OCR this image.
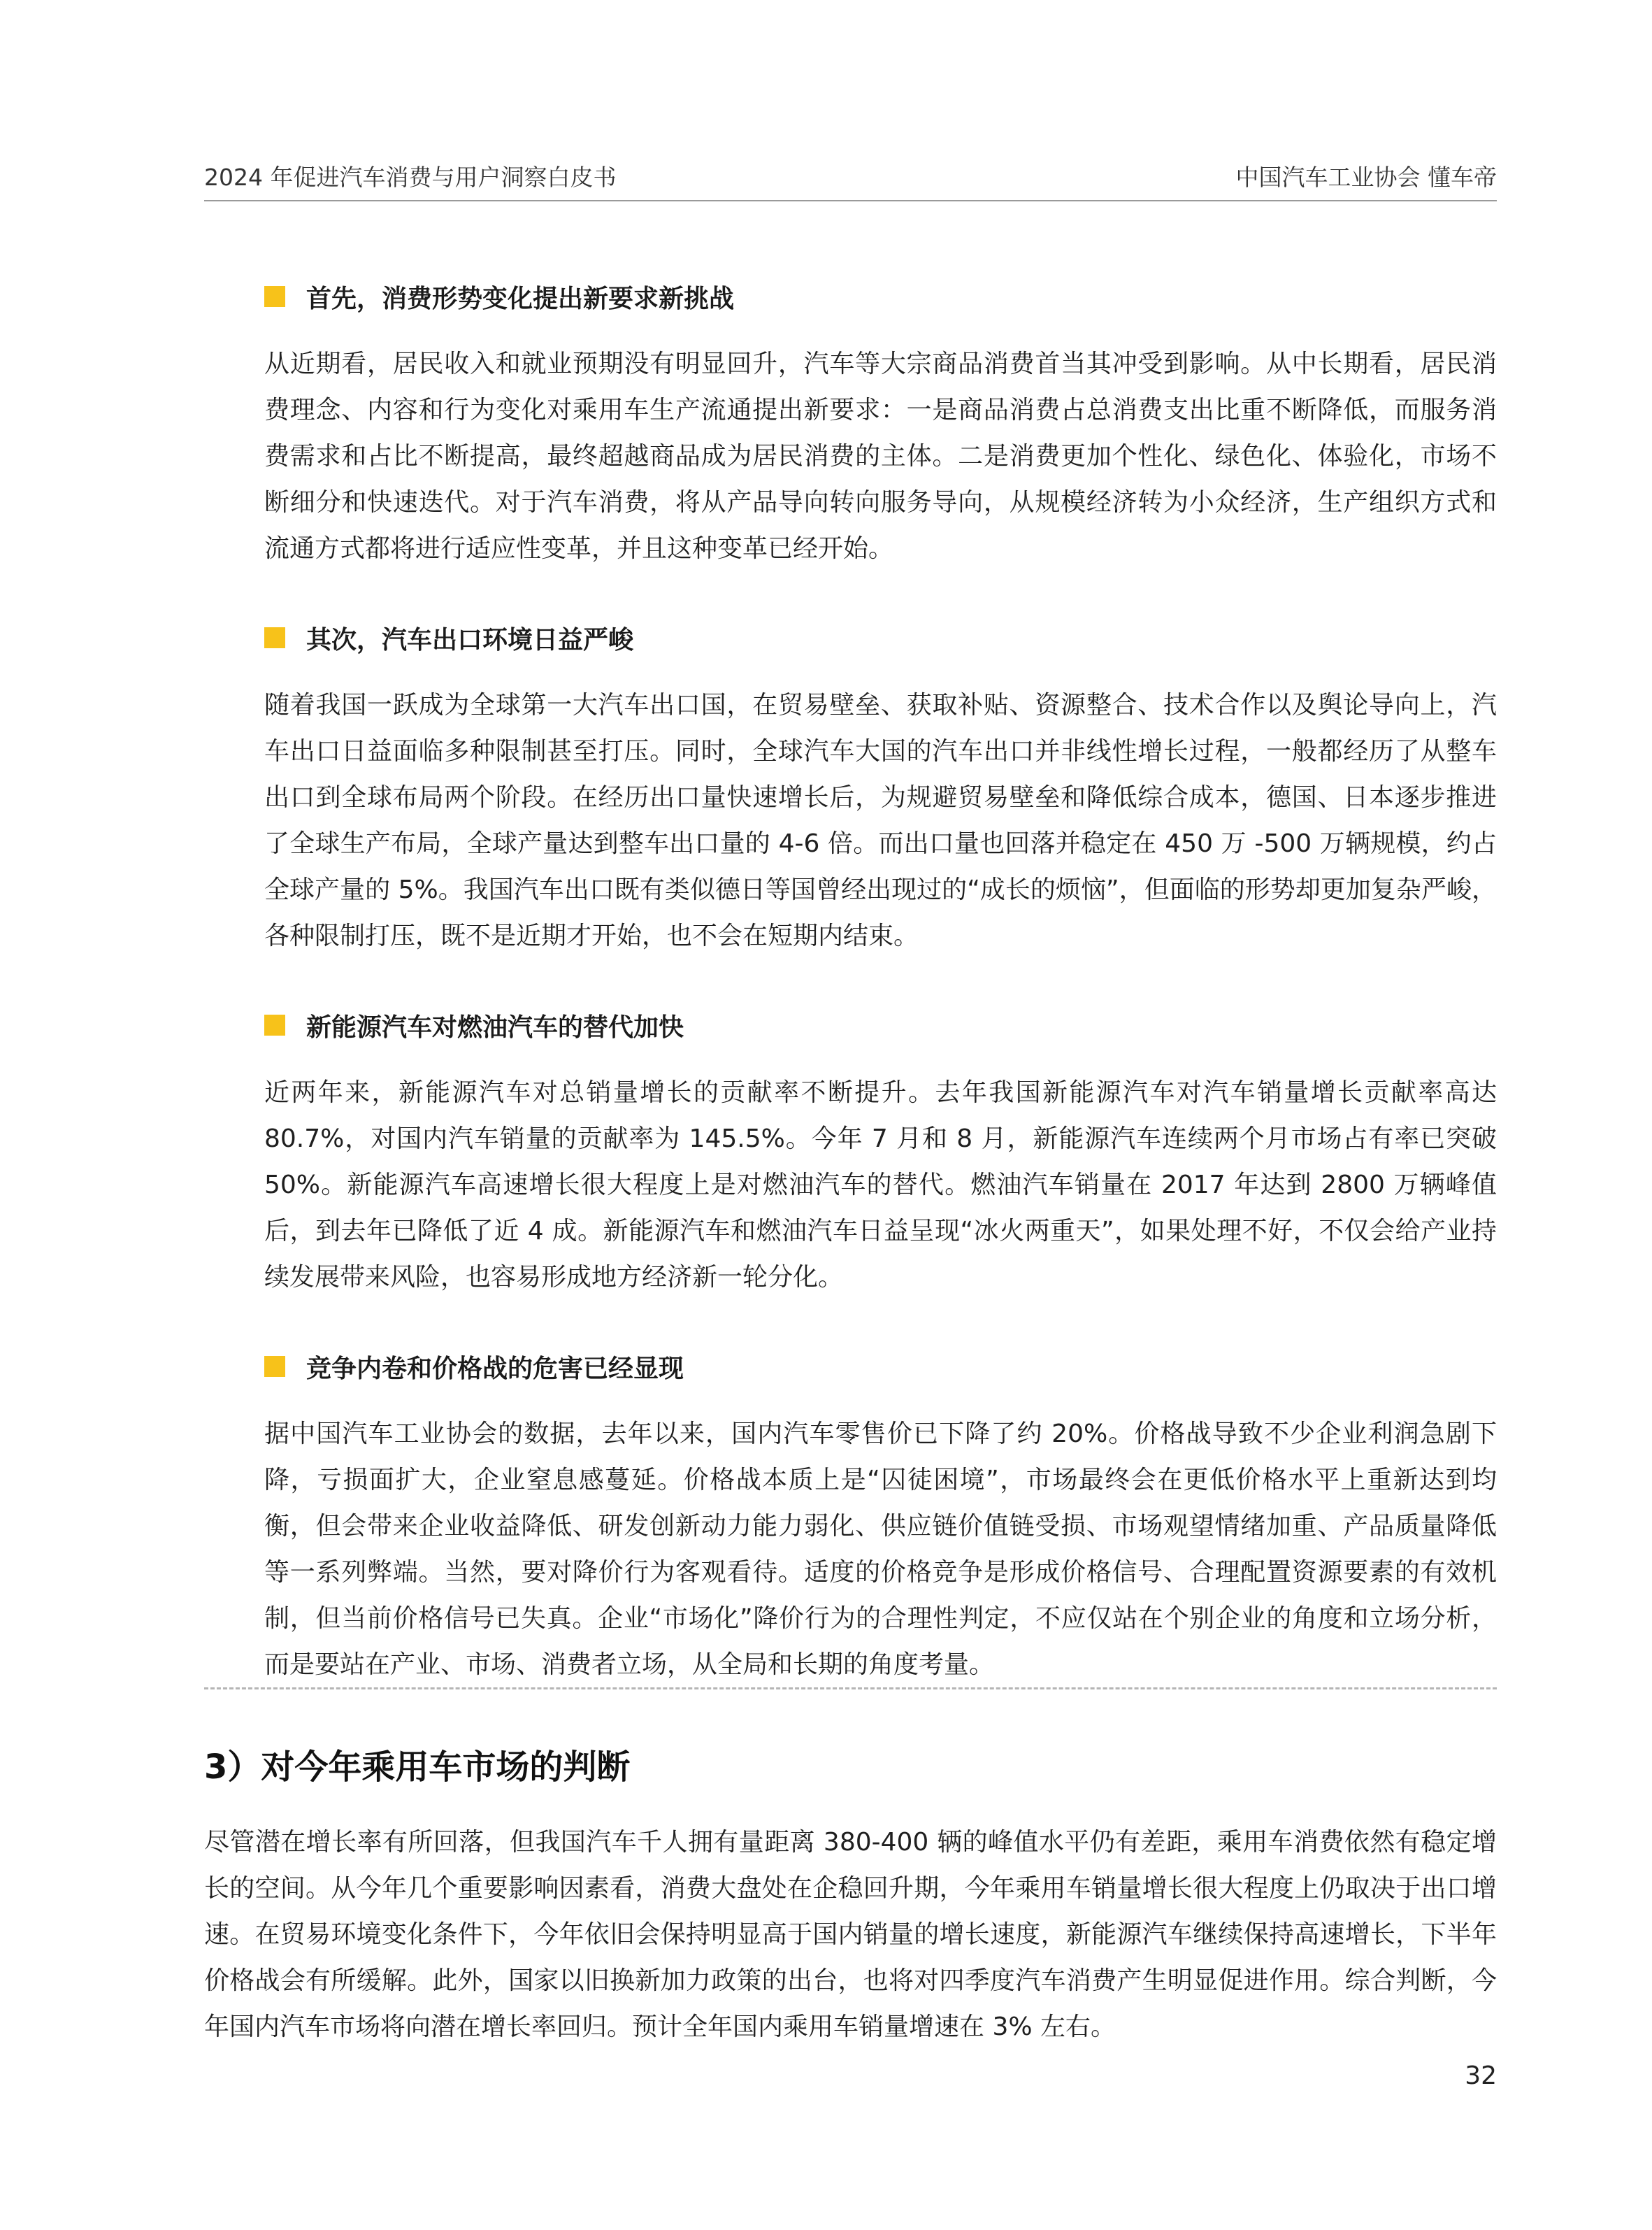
2024 年促进汽车消费与用户洞察白皮书	中国汽车工业协会 懂车帝
首先，消费形势变化提出新要求新挑战

从近期看，居民收入和就业预期没有明显回升，汽车等大宗商品消费首当其冲受到影响。从中长期看，居民消费理念、内容和行为变化对乘用车生产流通提出新要求：一是商品消费占总消费支出比重不断降低，而服务消费需求和占比不断提高，最终超越商品成为居民消费的主体。二是消费更加个性化、绿色化、体验化，市场不断细分和快速迭代。对于汽车消费，将从产品导向转向服务导向，从规模经济转为小众经济，生产组织方式和流通方式都将进行适应性变革，并且这种变革已经开始。

其次，汽车出口环境日益严峻

随着我国一跃成为全球第一大汽车出口国，在贸易壁垒、获取补贴、资源整合、技术合作以及舆论导向上，汽车出口日益面临多种限制甚至打压。同时，全球汽车大国的汽车出口并非线性增长过程，一般都经历了从整车出口到全球布局两个阶段。在经历出口量快速增长后，为规避贸易壁垒和降低综合成本，德国、日本逐步推进了全球生产布局，全球产量达到整车出口量的 4-6 倍。而出口量也回落并稳定在 450 万 -500 万辆规模，约占全球产量的 5%。我国汽车出口既有类似德日等国曾经出现过的“成长的烦恼”，但面临的形势却更加复杂严峻，各种限制打压，既不是近期才开始，也不会在短期内结束。

新能源汽车对燃油汽车的替代加快

近两年来，新能源汽车对总销量增长的贡献率不断提升。去年我国新能源汽车对汽车销量增长贡献率高达 80.7%，对国内汽车销量的贡献率为 145.5%。今年 7 月和 8 月，新能源汽车连续两个月市场占有率已突破 50%。新能源汽车高速增长很大程度上是对燃油汽车的替代。燃油汽车销量在 2017 年达到 2800 万辆峰值后，到去年已降低了近 4 成。新能源汽车和燃油汽车日益呈现“冰火两重天”，如果处理不好，不仅会给产业持续发展带来风险，也容易形成地方经济新一轮分化。

竞争内卷和价格战的危害已经显现

据中国汽车工业协会的数据，去年以来，国内汽车零售价已下降了约 20%。价格战导致不少企业利润急剧下降，亏损面扩大，企业窒息感蔓延。价格战本质上是“囚徒困境”，市场最终会在更低价格水平上重新达到均衡，但会带来企业收益降低、研发创新动力能力弱化、供应链价值链受损、市场观望情绪加重、产品质量降低等一系列弊端。当然，要对降价行为客观看待。适度的价格竞争是形成价格信号、合理配置资源要素的有效机制，但当前价格信号已失真。企业“市场化”降价行为的合理性判定，不应仅站在个别企业的角度和立场分析，而是要站在产业、市场、消费者立场，从全局和长期的角度考量。

3）对今年乘用车市场的判断

尽管潜在增长率有所回落，但我国汽车千人拥有量距离 380-400 辆的峰值水平仍有差距，乘用车消费依然有稳定增长的空间。从今年几个重要影响因素看，消费大盘处在企稳回升期，今年乘用车销量增长很大程度上仍取决于出口增速。在贸易环境变化条件下，今年依旧会保持明显高于国内销量的增长速度，新能源汽车继续保持高速增长，下半年价格战会有所缓解。此外，国家以旧换新加力政策的出台，也将对四季度汽车消费产生明显促进作用。综合判断，今年国内汽车市场将向潜在增长率回归。预计全年国内乘用车销量增速在 3% 左右。

32
